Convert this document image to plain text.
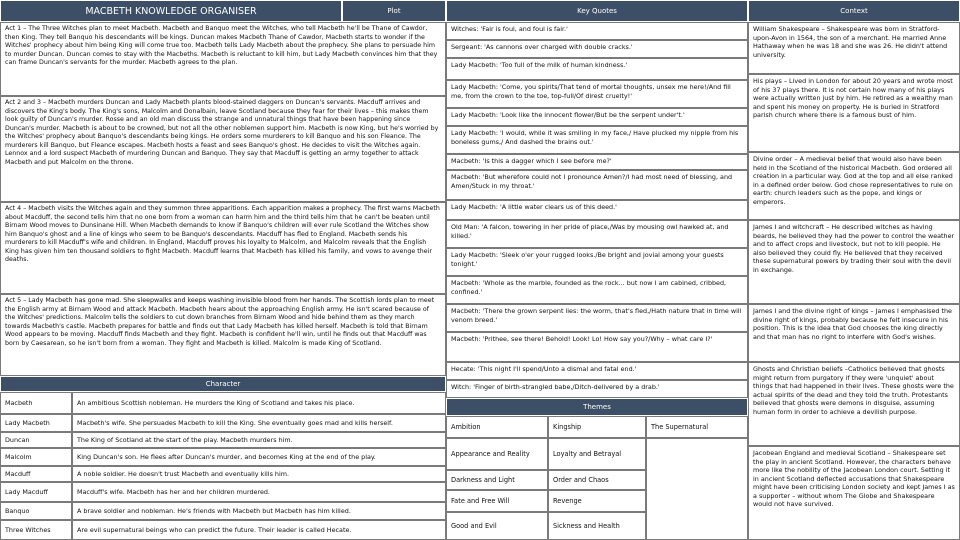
MACBETH KNOWLEDGE ORGANISER	Plot	Key Quotes	Context
Act 1 – The Three Witches plan to meet Macbeth. Macbeth and Banquo meet the Witches, who tell Macbeth he'll be Thane of Cawdor, then King. They tell Banquo his descendants will be kings. Duncan makes Macbeth Thane of Cawdor, Macbeth starts to wonder if the Witches' prophecy about him being King will come true too. Macbeth tells Lady Macbeth about the prophecy. She plans to persuade him to murder Duncan. Duncan comes to stay with the Macbeths. Macbeth is reluctant to kill him, but Lady Macbeth convinces him that they can frame Duncan's servants for the murder. Macbeth agrees to the plan.
Act 2 and 3 – Macbeth murders Duncan and Lady Macbeth plants blood-stained daggers on Duncan's servants. Macduff arrives and discovers the King's body. The King's sons, Malcolm and Donalbain, leave Scotland because they fear for their lives – this makes them look guilty of Duncan's murder. Rosse and an old man discuss the strange and unnatural things that have been happening since Duncan's murder. Macbeth is about to be crowned, but not all the other noblemen support him. Macbeth is now King, but he's worried by the Witches' prophecy about Banquo's descendants being kings. He orders some murderers to kill Banquo and his son Fleance. The murderers kill Banquo, but Fleance escapes. Macbeth hosts a feast and sees Banquo's ghost. He decides to visit the Witches again. Lennox and a lord suspect Macbeth of murdering Duncan and Banquo. They say that Macduff is getting an army together to attack Macbeth and put Malcolm on the throne.
Act 4 – Macbeth visits the Witches again and they summon three apparitions. Each apparition makes a prophecy. The first warns Macbeth about Macduff, the second tells him that no one born from a woman can harm him and the third tells him that he can't be beaten until Birnam Wood moves to Dunsinane Hill. When Macbeth demands to know if Banquo's children will ever rule Scotland the Witches show him Banquo's ghost and a line of kings who seem to be Banquo's descendants. Macduff has fled to England. Macbeth sends his murderers to kill Macduff's wife and children. In England, Macduff proves his loyalty to Malcolm, and Malcolm reveals that the English King has given him ten thousand soldiers to fight Macbeth. Macduff learns that Macbeth has killed his family, and vows to avenge their deaths.
Act 5 – Lady Macbeth has gone mad. She sleepwalks and keeps washing invisible blood from her hands. The Scottish lords plan to meet the English army at Birnam Wood and attack Macbeth. Macbeth hears about the approaching English army. He isn't scared because of the Witches' predictions. Malcolm tells the soldiers to cut down branches from Birnam Wood and hide behind them as they march towards Macbeth's castle. Macbeth prepares for battle and finds out that Lady Macbeth has killed herself. Macbeth is told that Birnam Wood appears to be moving. Macduff finds Macbeth and they fight. Macbeth is confident he'll win, until he finds out that Macduff was born by Caesarean, so he isn't born from a woman. They fight and Macbeth is killed. Malcolm is made King of Scotland.
Character
Macbeth	An ambitious Scottish nobleman. He murders the King of Scotland and takes his place.
Lady Macbeth	Macbeth's wife. She persuades Macbeth to kill the King. She eventually goes mad and kills herself.
Duncan	The King of Scotland at the start of the play. Macbeth murders him.
Malcolm	King Duncan's son. He flees after Duncan's murder, and becomes King at the end of the play.
Macduff	A noble soldier. He doesn't trust Macbeth and eventually kills him.
Lady Macduff	Macduff's wife. Macbeth has her and her children murdered.
Banquo	A brave soldier and nobleman. He's friends with Macbeth but Macbeth has him killed.
Three Witches	Are evil supernatural beings who can predict the future. Their leader is called Hecate.
Witches: 'Fair is foul, and foul is fair.'
Sergeant: 'As cannons over charged with double cracks.'
Lady Macbeth: 'Too full of the milk of human kindness.'
Lady Macbeth: 'Come, you spirits/That tend of mortal thoughts, unsex me here!/And fill me, from the crown to the toe, top-full/Of direst cruelty!'
Lady Macbeth: 'Look like the innocent flower/But be the serpent under't.'
Lady Macbeth: 'I would, while it was smiling in my face,/ Have plucked my nipple from his boneless gums,/ And dashed the brains out.'
Macbeth: 'Is this a dagger which I see before me?'
Macbeth: 'But wherefore could not I pronounce Amen?/I had most need of blessing, and Amen/Stuck in my throat.'
Lady Macbeth: 'A little water clears us of this deed.'
Old Man: 'A falcon, towering in her pride of place,/Was by mousing owl hawked at, and killed.'
Lady Macbeth: 'Sleek o'er your rugged looks./Be bright and jovial among your guests tonight.'
Macbeth: 'Whole as the marble, founded as the rock... but now I am cabined, cribbed, confined.'
Macbeth: 'There the grown serpent lies: the worm, that's fled,/Hath nature that in time will venom breed.'
Macbeth: 'Prithee, see there! Behold! Look! Lo! How say you?/Why – what care I?'
Hecate: 'This night I'll spend/Unto a dismal and fatal end.'
Witch: 'Finger of birth-strangled babe,/Ditch-delivered by a drab.'
Themes
Ambition	Kingship	The Supernatural
Appearance and Reality	Loyalty and Betrayal
Darkness and Light	Order and Chaos
Fate and Free Will	Revenge
Good and Evil	Sickness and Health
William Shakespeare – Shakespeare was born in Stratford-upon-Avon in 1564, the son of a merchant. He married Anne Hathaway when he was 18 and she was 26. He didn't attend university.
His plays – Lived in London for about 20 years and wrote most of his 37 plays there. It is not certain how many of his plays were actually written just by him. He retired as a wealthy man and spent his money on property. He is buried in Stratford parish church where there is a famous bust of him.
Divine order – A medieval belief that would also have been held in the Scotland of the historical Macbeth. God ordered all creation in a particular way. God at the top and all else ranked in a defined order below. God chose representatives to rule on earth: church leaders such as the pope, and kings or emperors.
James I and witchcraft – He described witches as having beards, he believed they had the power to control the weather and to affect crops and livestock, but not to kill people. He also believed they could fly. He believed that they received these supernatural powers by trading their soul with the devil in exchange.
James I and the divine right of kings – James I emphasised the divine right of kings, probably because he felt insecure in his position. This is the idea that God chooses the king directly and that man has no right to interfere with God's wishes.
Ghosts and Christian beliefs –Catholics believed that ghosts might return from purgatory if they were 'unquiet' about things that had happened in their lives. These ghosts were the actual spirits of the dead and they told the truth. Protestants believed that ghosts were demons in disguise, assuming human form in order to achieve a devilish purpose.
Jacobean England and medieval Scotland – Shakespeare set the play in ancient Scotland. However, the characters behave more like the nobility of the Jacobean London court. Setting it in ancient Scotland deflected accusations that Shakespeare might have been criticising London society and kept James I as a supporter – without whom The Globe and Shakespeare would not have survived.
